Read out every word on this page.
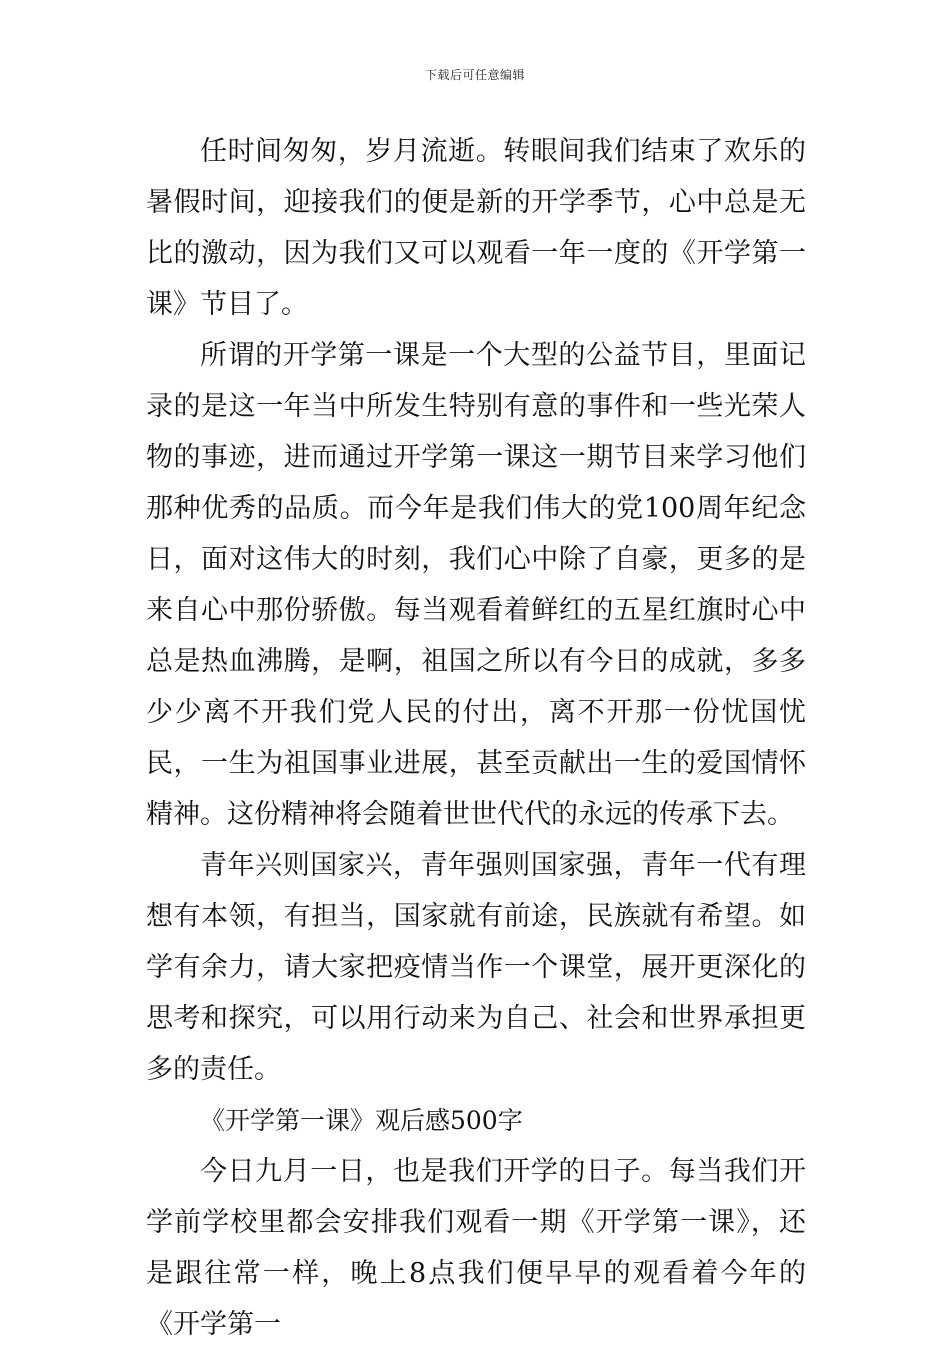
下载后可任意编辑

任时间匆匆，岁月流逝。转眼间我们结束了欢乐的暑假时间，迎接我们的便是新的开学季节，心中总是无比的激动，因为我们又可以观看一年一度的《开学第一课》节目了。

所谓的开学第一课是一个大型的公益节目，里面记录的是这一年当中所发生特别有意的事件和一些光荣人物的事迹，进而通过开学第一课这一期节目来学习他们那种优秀的品质。而今年是我们伟大的党100周年纪念日，面对这伟大的时刻，我们心中除了自豪，更多的是来自心中那份骄傲。每当观看着鲜红的五星红旗时心中总是热血沸腾，是啊，祖国之所以有今日的成就，多多少少离不开我们党人民的付出，离不开那一份忧国忧民，一生为祖国事业进展，甚至贡献出一生的爱国情怀精神。这份精神将会随着世世代代的永远的传承下去。

青年兴则国家兴，青年强则国家强，青年一代有理想有本领，有担当，国家就有前途，民族就有希望。如学有余力，请大家把疫情当作一个课堂，展开更深化的思考和探究，可以用行动来为自己、社会和世界承担更多的责任。

《开学第一课》观后感500字

今日九月一日，也是我们开学的日子。每当我们开学前学校里都会安排我们观看一期《开学第一课》，还是跟往常一样，晚上8点我们便早早的观看着今年的《开学第一
